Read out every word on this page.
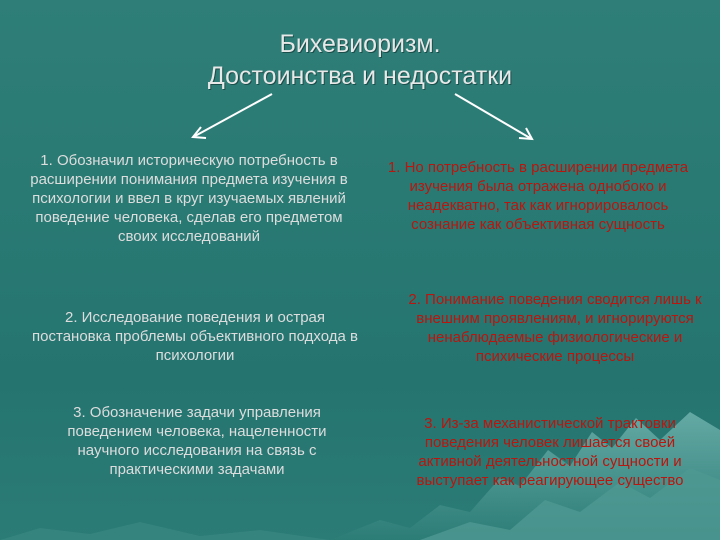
Бихевиоризм.
Достоинства и недостатки
1. Обозначил историческую потребность в расширении понимания предмета изучения в психологии и ввел в круг изучаемых явлений поведение человека, сделав его предметом своих исследований
2. Исследование поведения и острая постановка проблемы объективного подхода в психологии
3. Обозначение задачи управления поведением человека, нацеленности научного исследования на связь с практическими задачами
1. Но потребность в расширении предмета изучения была отражена однобоко и неадекватно, так как игнорировалось сознание как объективная сущность
2. Понимание поведения сводится лишь к внешним проявлениям, и игнорируются ненаблюдаемые физиологические и психические процессы
3. Из-за механистической трактовки поведения человек лишается своей активной деятельностной сущности и выступает как реагирующее существо
